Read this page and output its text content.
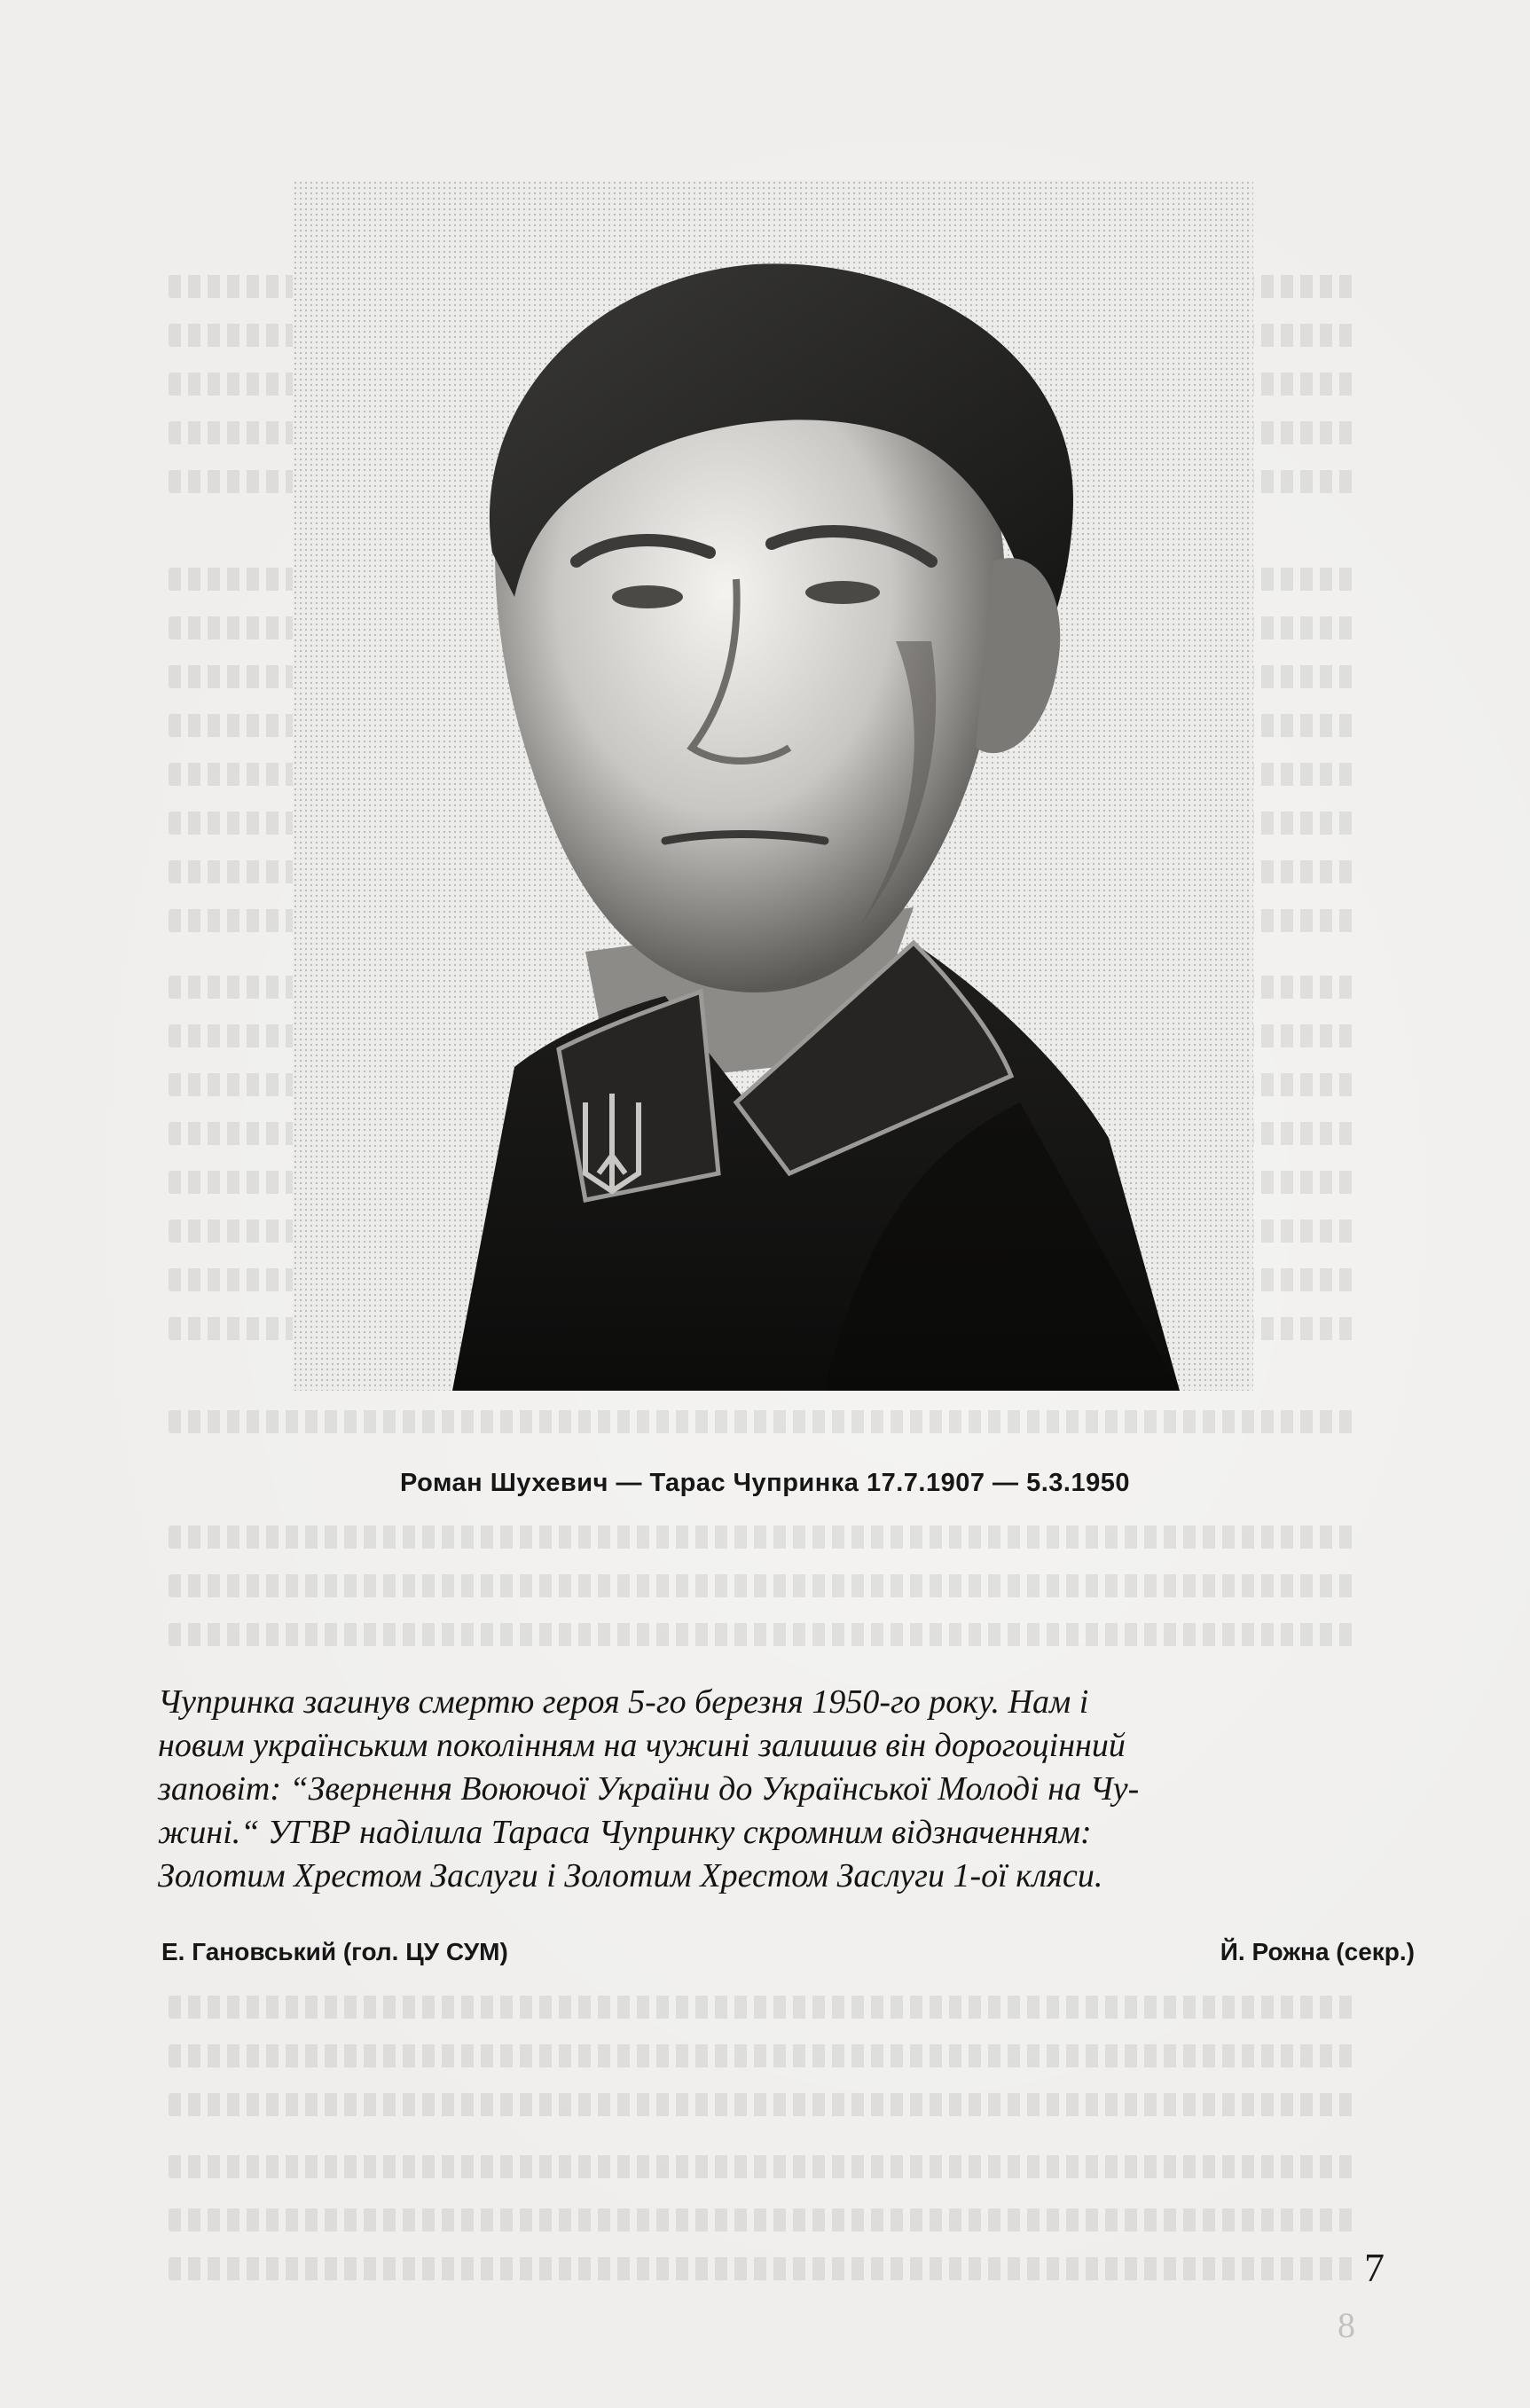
Роман Шухевич — Тарас Чупринка 17.7.1907 — 5.3.1950
Чупринка загинув смертю героя 5-го березня 1950-го року. Нам і
новим українським поколінням на чужині залишив він дорогоцінний
заповіт: “Звернення Воюючої України до Української Молоді на Чу-
жині.“ УГВР наділила Тараса Чупринку скромним відзначенням:
Золотим Хрестом Заслуги і Золотим Хрестом Заслуги 1-ої кляси.
Е. Гановський (гол. ЦУ СУМ)	Й. Рожна (секр.)
7
8
